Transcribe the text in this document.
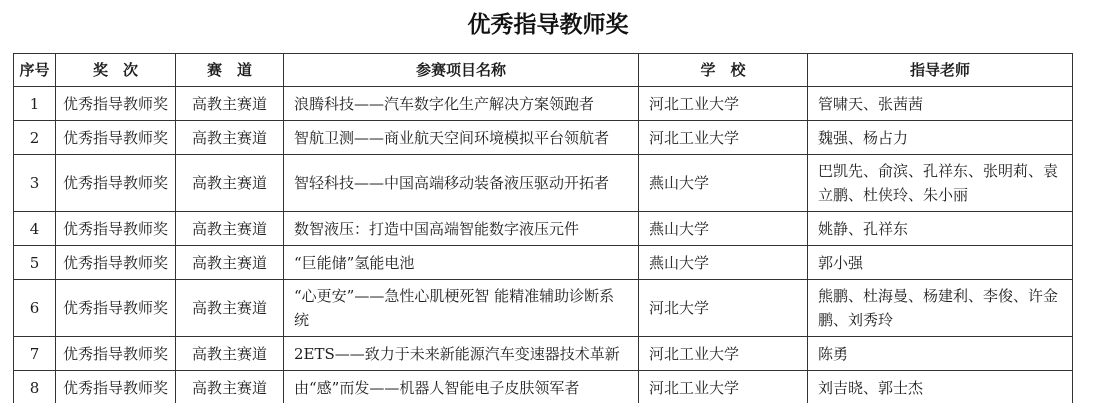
优秀指导教师奖
序号	奖　次	赛　道	参赛项目名称	学　校	指导老师
1	优秀指导教师奖	高教主赛道	浪腾科技——汽车数字化生产解决方案领跑者	河北工业大学	管啸天、张茜茜
2	优秀指导教师奖	高教主赛道	智航卫测——商业航天空间环境模拟平台领航者	河北工业大学	魏强、杨占力
3	优秀指导教师奖	高教主赛道	智轻科技——中国高端移动装备液压驱动开拓者	燕山大学	巴凯先、俞滨、孔祥东、张明莉、袁立鹏、杜侠玲、朱小丽
4	优秀指导教师奖	高教主赛道	数智液压：打造中国高端智能数字液压元件	燕山大学	姚静、孔祥东
5	优秀指导教师奖	高教主赛道	“巨能储”氢能电池	燕山大学	郭小强
6	优秀指导教师奖	高教主赛道	“心更安”——急性心肌梗死智 能精准辅助诊断系统	河北大学	熊鹏、杜海曼、杨建利、李俊、许金鹏、刘秀玲
7	优秀指导教师奖	高教主赛道	2ETS——致力于未来新能源汽车变速器技术革新	河北工业大学	陈勇
8	优秀指导教师奖	高教主赛道	由“感”而发——机器人智能电子皮肤领军者	河北工业大学	刘吉晓、郭士杰
